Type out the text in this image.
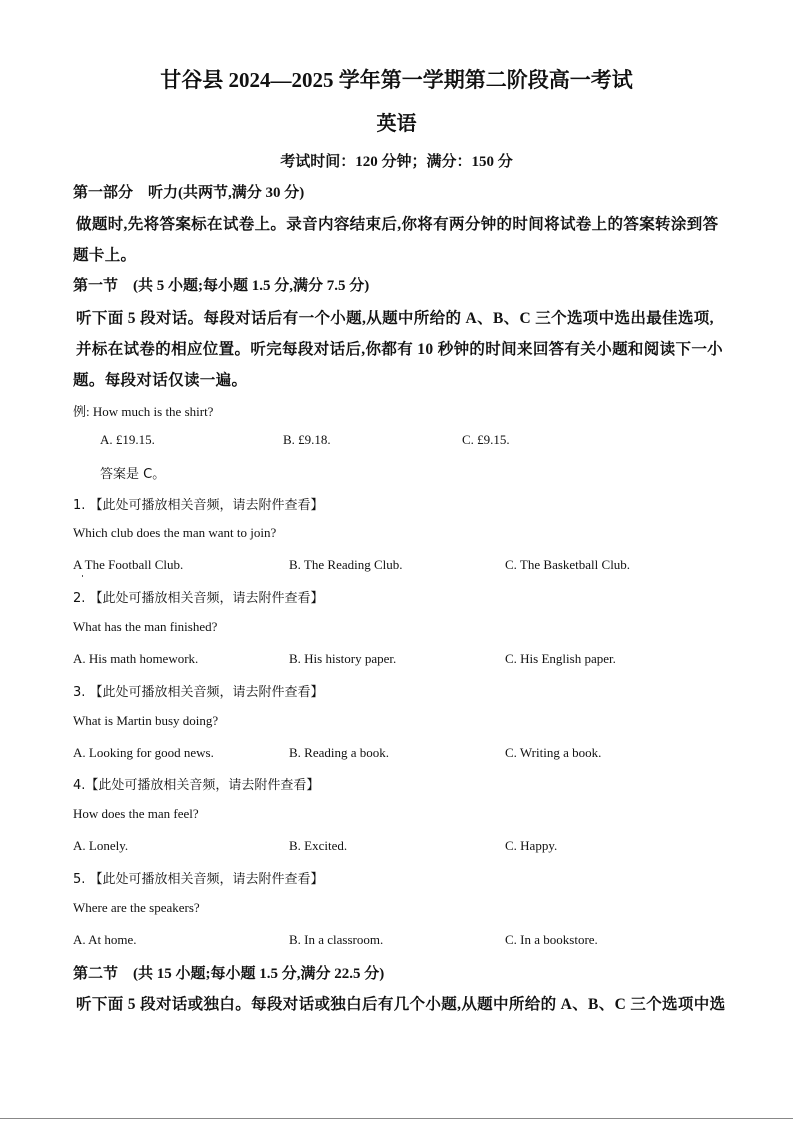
甘谷县 2024—2025 学年第一学期第二阶段高一考试
英语
考试时间：120 分钟；满分：150 分
第一部分　听力(共两节,满分 30 分)
做题时,先将答案标在试卷上。录音内容结束后,你将有两分钟的时间将试卷上的答案转涂到答
题卡上。
第一节　(共 5 小题;每小题 1.5 分,满分 7.5 分)
听下面 5 段对话。每段对话后有一个小题,从题中所给的 A、B、C 三个选项中选出最佳选项,
并标在试卷的相应位置。听完每段对话后,你都有 10 秒钟的时间来回答有关小题和阅读下一小
题。每段对话仅读一遍。
例: How much is the shirt?
A. £19.15.	B. £9.18.	C. £9.15.
答案是 C。
1. 【此处可播放相关音频，请去附件查看】
Which club does the man want to join?
A The Football Club.	B. The Reading Club.	C. The Basketball Club.
2. 【此处可播放相关音频，请去附件查看】
What has the man finished?
A. His math homework.	B. His history paper.	C. His English paper.
3. 【此处可播放相关音频，请去附件查看】
What is Martin busy doing?
A. Looking for good news.	B. Reading a book.	C. Writing a book.
4.【此处可播放相关音频，请去附件查看】
How does the man feel?
A. Lonely.	B. Excited.	C. Happy.
5. 【此处可播放相关音频，请去附件查看】
Where are the speakers?
A. At home.	B. In a classroom.	C. In a bookstore.
第二节　(共 15 小题;每小题 1.5 分,满分 22.5 分)
听下面 5 段对话或独白。每段对话或独白后有几个小题,从题中所给的 A、B、C 三个选项中选
